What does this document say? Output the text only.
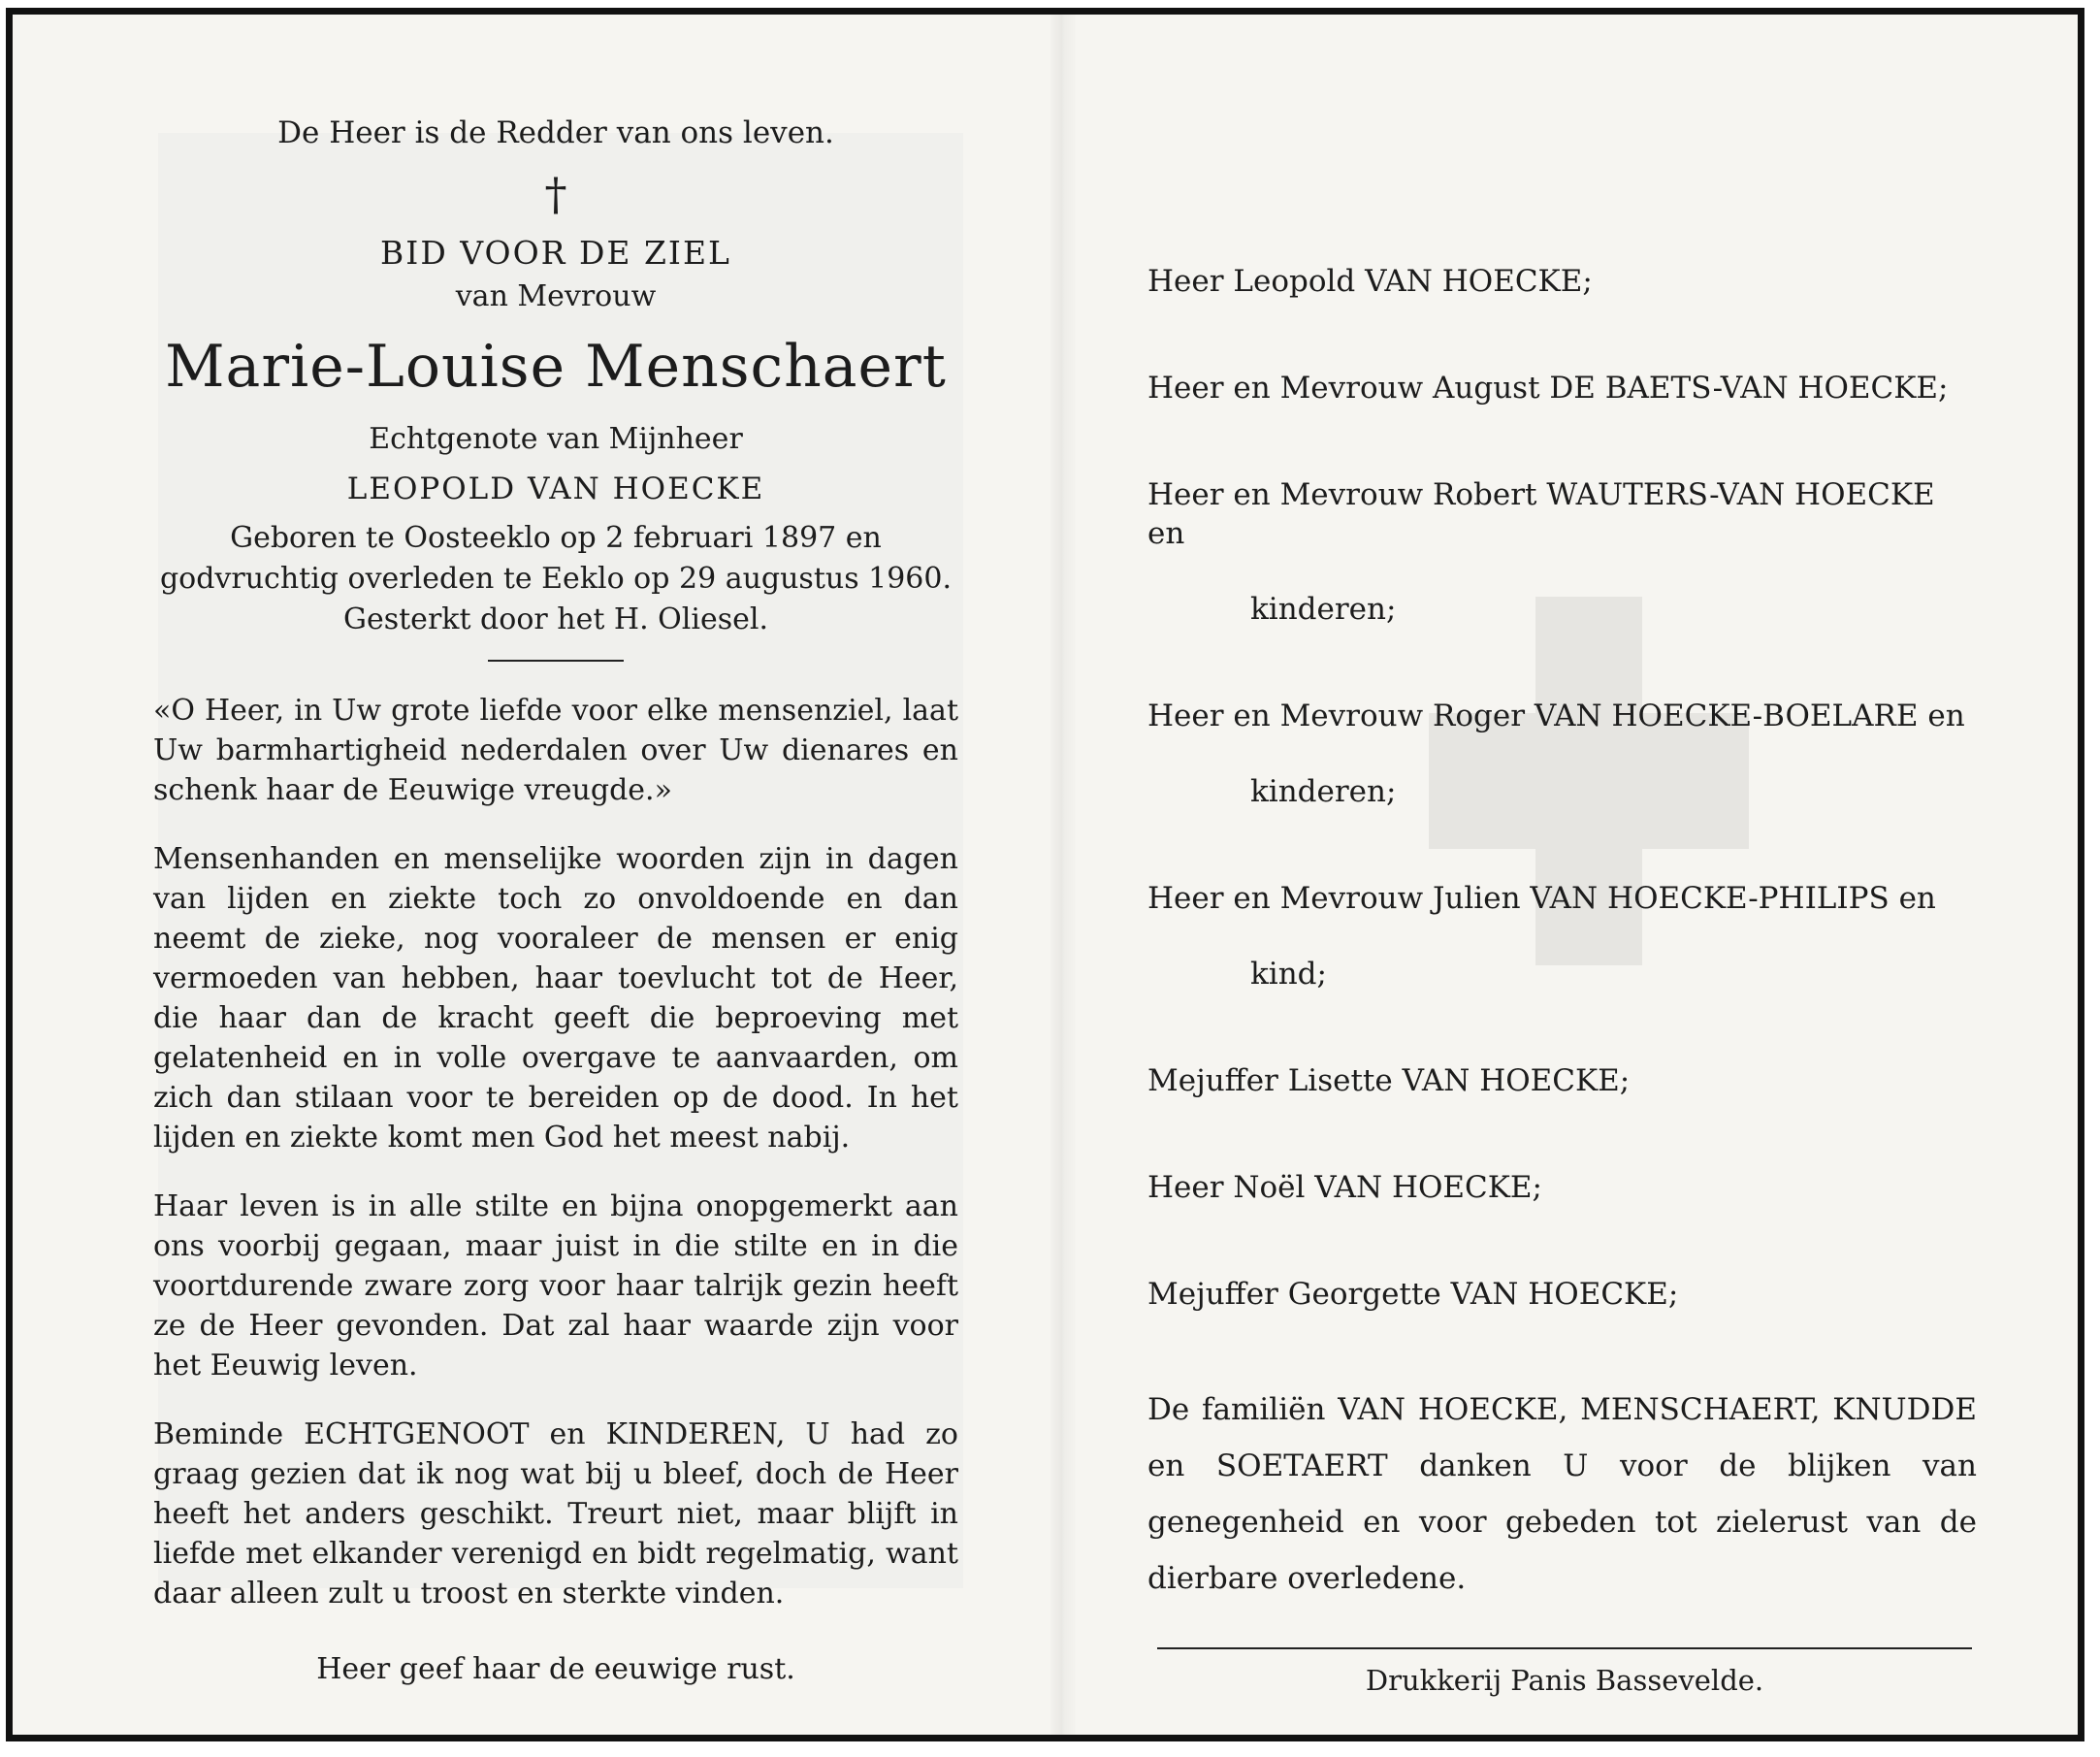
De Heer is de Redder van ons leven.
†
BID VOOR DE ZIEL
van Mevrouw
Marie-Louise Menschaert
Echtgenote van Mijnheer
LEOPOLD VAN HOECKE
Geboren te Oosteeklo op 2 februari 1897 en godvruchtig overleden te Eeklo op 29 augustus 1960. Gesterkt door het H. Oliesel.
«O Heer, in Uw grote liefde voor elke mensenziel, laat Uw barmhartigheid nederdalen over Uw dienares en schenk haar de Eeuwige vreugde.»
Mensenhanden en menselijke woorden zijn in dagen van lijden en ziekte toch zo onvoldoende en dan neemt de zieke, nog vooraleer de mensen er enig vermoeden van hebben, haar toevlucht tot de Heer, die haar dan de kracht geeft die beproeving met gelatenheid en in volle overgave te aanvaarden, om zich dan stilaan voor te bereiden op de dood. In het lijden en ziekte komt men God het meest nabij.
Haar leven is in alle stilte en bijna onopgemerkt aan ons voorbij gegaan, maar juist in die stilte en in die voortdurende zware zorg voor haar talrijk gezin heeft ze de Heer gevonden. Dat zal haar waarde zijn voor het Eeuwig leven.
Beminde ECHTGENOOT en KINDEREN, U had zo graag gezien dat ik nog wat bij u bleef, doch de Heer heeft het anders geschikt. Treurt niet, maar blijft in liefde met elkander verenigd en bidt regelmatig, want daar alleen zult u troost en sterkte vinden.
Heer geef haar de eeuwige rust.
Heer Leopold VAN HOECKE;
Heer en Mevrouw August DE BAETS-VAN HOECKE;
Heer en Mevrouw Robert WAUTERS-VAN HOECKE en
kinderen;
Heer en Mevrouw Roger VAN HOECKE-BOELARE en
kinderen;
Heer en Mevrouw Julien VAN HOECKE-PHILIPS en
kind;
Mejuffer Lisette VAN HOECKE;
Heer Noël VAN HOECKE;
Mejuffer Georgette VAN HOECKE;
De familiën VAN HOECKE, MENSCHAERT, KNUDDE en SOETAERT danken U voor de blijken van genegenheid en voor gebeden tot zielerust van de dierbare overledene.
Drukkerij Panis Bassevelde.
